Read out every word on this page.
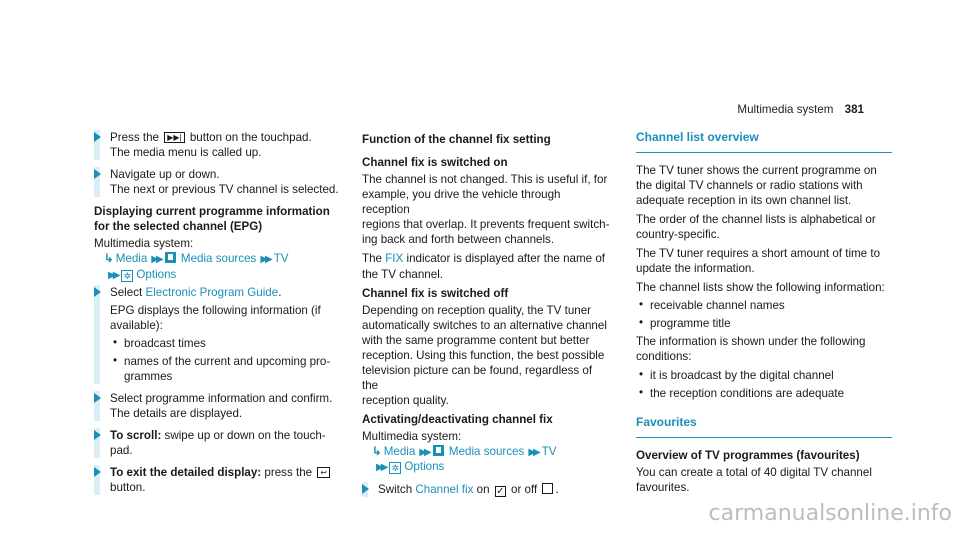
Multimedia system 381
Press the ▶▶| button on the touchpad.
The media menu is called up.
Navigate up or down.
The next or previous TV channel is selected.
Displaying current programme information
for the selected channel (EPG)
Multimedia system:
↳ Media ▶▶ Media sources ▶▶ TV
▶▶ ✲ Options
Select Electronic Program Guide.
EPG displays the following information (if
available):
• broadcast times
• names of the current and upcoming pro-
grammes
Select programme information and confirm.
The details are displayed.
To scroll: swipe up or down on the touch-
pad.
To exit the detailed display: press the ↩
button.
Function of the channel fix setting
Channel fix is switched on
The channel is not changed. This is useful if, for
example, you drive the vehicle through reception
regions that overlap. It prevents frequent switch-
ing back and forth between channels.
The FIX indicator is displayed after the name of
the TV channel.
Channel fix is switched off
Depending on reception quality, the TV tuner
automatically switches to an alternative channel
with the same programme content but better
reception. Using this function, the best possible
television picture can be found, regardless of the
reception quality.
Activating/deactivating channel fix
Multimedia system:
↳ Media ▶▶ Media sources ▶▶ TV
▶▶ ✲ Options
Switch Channel fix on ✓ or off .
Channel list overview
The TV tuner shows the current programme on
the digital TV channels or radio stations with
adequate reception in its own channel list.
The order of the channel lists is alphabetical or
country-specific.
The TV tuner requires a short amount of time to
update the information.
The channel lists show the following information:
• receivable channel names
• programme title
The information is shown under the following
conditions:
• it is broadcast by the digital channel
• the reception conditions are adequate
Favourites
Overview of TV programmes (favourites)
You can create a total of 40 digital TV channel
favourites.
carmanualsonline.info
